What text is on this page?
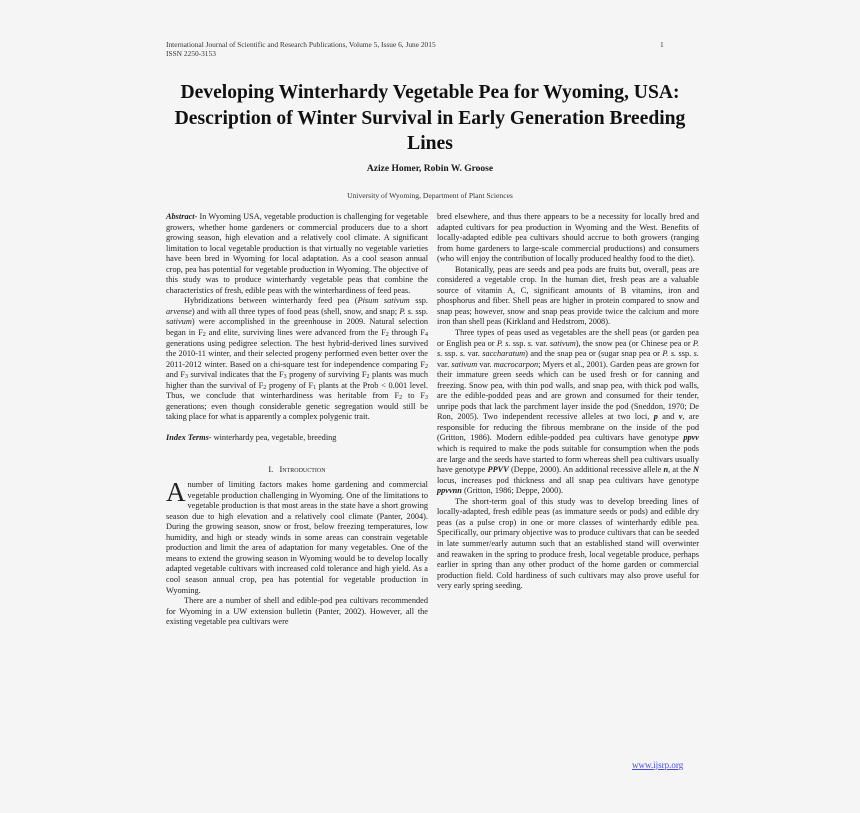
International Journal of Scientific and Research Publications, Volume 5, Issue 6, June 2015
ISSN 2250-3153
1
Developing Winterhardy Vegetable Pea for Wyoming, USA: Description of Winter Survival in Early Generation Breeding Lines
Azize Homer, Robin W. Groose
University of Wyoming, Department of Plant Sciences

Abstract- In Wyoming USA, vegetable production is challenging for vegetable growers, whether home gardeners or commercial producers due to a short growing season, high elevation and a relatively cool climate. A significant limitation to local vegetable production is that virtually no vegetable varieties have been bred in Wyoming for local adaptation. As a cool season annual crop, pea has potential for vegetable production in Wyoming. The objective of this study was to produce winterhardy vegetable peas that combine the characteristics of fresh, edible peas with the winterhardiness of feed peas.

Hybridizations between winterhardy feed pea (Pisum sativum ssp. arvense) and with all three types of food peas (shell, snow, and snap; P. s. ssp. sativum) were accomplished in the greenhouse in 2009. Natural selection began in $F_2$ and elite, surviving lines were advanced from the $F_2$ through $F_4$ generations using pedigree selection. The best hybrid-derived lines survived the 2010-11 winter, and their selected progeny performed even better over the 2011-2012 winter. Based on a chi-square test for independence comparing $F_2$ and $F_3$ survival indicates that the $F_3$ progeny of surviving $F_2$ plants was much higher than the survival of $F_2$ progeny of $F_1$ plants at the Prob < 0.001 level. Thus, we conclude that winterhardiness was heritable from $F_2$ to $F_3$ generations; even though considerable genetic segregation would still be taking place for what is apparently a complex polygenic trait.

Index Terms- winterhardy pea, vegetable, breeding

I. Introduction

Anumber of limiting factors makes home gardening and commercial vegetable production challenging in Wyoming. One of the limitations to vegetable production is that most areas in the state have a short growing season due to high elevation and a relatively cool climate (Panter, 2004). During the growing season, snow or frost, below freezing temperatures, low humidity, and high or steady winds in some areas can constrain vegetable production and limit the area of adaptation for many vegetables. One of the means to extend the growing season in Wyoming would be to develop locally adapted vegetable cultivars with increased cold tolerance and high yield. As a cool season annual crop, pea has potential for vegetable production in Wyoming.

There are a number of shell and edible-pod pea cultivars recommended for Wyoming in a UW extension bulletin (Panter, 2002). However, all the existing vegetable pea cultivars were

bred elsewhere, and thus there appears to be a necessity for locally bred and adapted cultivars for pea production in Wyoming and the West. Benefits of locally-adapted edible pea cultivars should accrue to both growers (ranging from home gardeners to large-scale commercial productions) and consumers (who will enjoy the contribution of locally produced healthy food to the diet).

Botanically, peas are seeds and pea pods are fruits but, overall, peas are considered a vegetable crop. In the human diet, fresh peas are a valuable source of vitamin A, C, significant amounts of B vitamins, iron and phosphorus and fiber. Shell peas are higher in protein compared to snow and snap peas; however, snow and snap peas provide twice the calcium and more iron than shell peas (Kirkland and Hedstrom, 2008).

Three types of peas used as vegetables are the shell peas (or garden pea or English pea or P. s. ssp. s. var. sativum), the snow pea (or Chinese pea or P. s. ssp. s. var. saccharatum) and the snap pea or (sugar snap pea or P. s. ssp. s. var. sativum var. macrocarpon; Myers et al., 2001). Garden peas are grown for their immature green seeds which can be used fresh or for canning and freezing. Snow pea, with thin pod walls, and snap pea, with thick pod walls, are the edible-podded peas and are grown and consumed for their tender, unripe pods that lack the parchment layer inside the pod (Sneddon, 1970; De Ron, 2005). Two independent recessive alleles at two loci, p and v, are responsible for reducing the fibrous membrane on the inside of the pod (Gritton, 1986). Modern edible-podded pea cultivars have genotype ppvv which is required to make the pods suitable for consumption when the pods are large and the seeds have started to form whereas shell pea cultivars usually have genotype PPVV (Deppe, 2000). An additional recessive allele n, at the N locus, increases pod thickness and all snap pea cultivars have genotype ppvvnn (Gritton, 1986; Deppe, 2000).

The short-term goal of this study was to develop breeding lines of locally-adapted, fresh edible peas (as immature seeds or pods) and edible dry peas (as a pulse crop) in one or more classes of winterhardy edible pea. Specifically, our primary objective was to produce cultivars that can be seeded in late summer/early autumn such that an established stand will overwinter and reawaken in the spring to produce fresh, local vegetable produce, perhaps earlier in spring than any other product of the home garden or commercial production field. Cold hardiness of such cultivars may also prove useful for very early spring seeding.

www.ijsrp.org
